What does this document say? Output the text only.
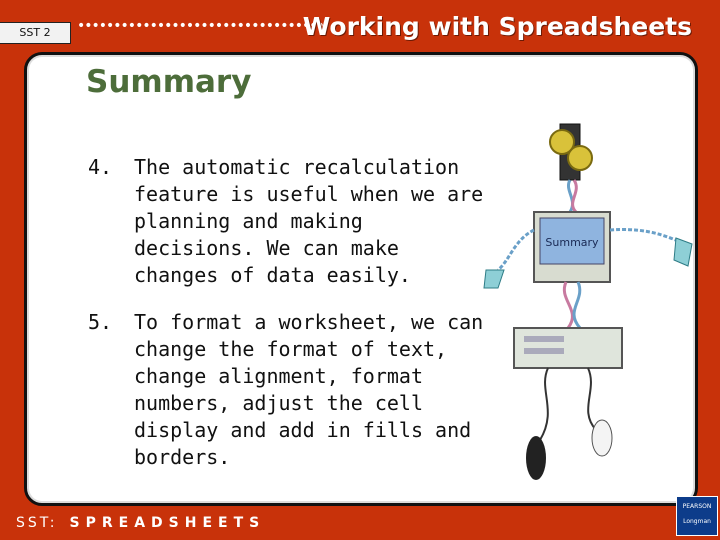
SST 2	••••••••••••••••••••••••••••••••••
Working with Spreadsheets
Summary
4. The automatic recalculation feature is useful when we are planning and making decisions. We can make changes of data easily.
5. To format a worksheet, we can change the format of text, change alignment, format numbers, adjust the cell display and add in fills and borders.
Summary
SST: SPREADSHEETS
PEARSON
Longman
